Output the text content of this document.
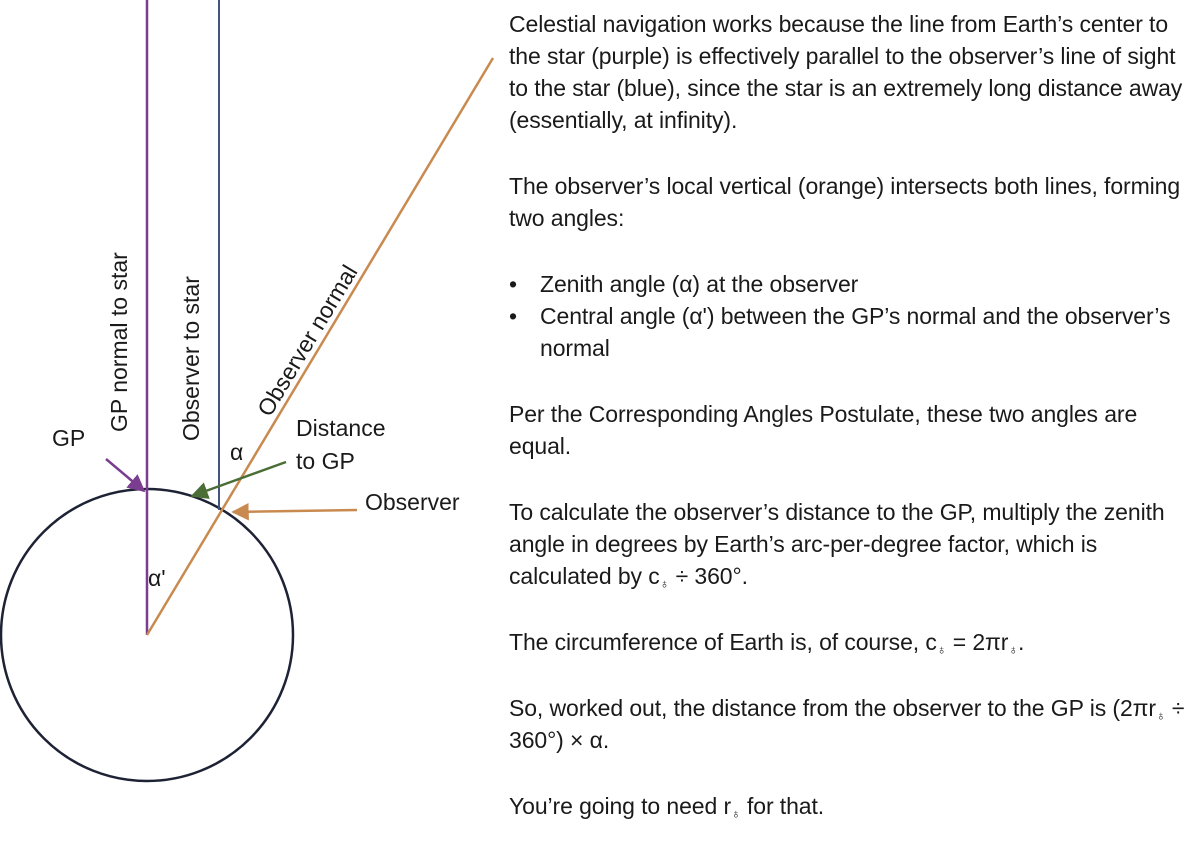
GP
GP normal to star Observer to star Observer normal
α
α'
Distance
to GP
Observer

Celestial navigation works because the line from Earth’s center to the star (purple) is effectively parallel to the observer’s line of sight to the star (blue), since the star is an extremely long distance away (essentially, at infinity).

The observer’s local vertical (orange) intersects both lines, forming two angles:

• Zenith angle (α) at the observer
• Central angle (α') between the GP’s normal and the observer’s normal

Per the Corresponding Angles Postulate, these two angles are equal.

To calculate the observer’s distance to the GP, multiply the zenith angle in degrees by Earth’s arc-per-degree factor, which is calculated by $c_♁ \div 360^\circ$.

The circumference of Earth is, of course, $c_♁ = 2\pi r_♁$.

So, worked out, the distance from the observer to the GP is $(2\pi r_♁ \div 360^\circ) \times \alpha$.

You’re going to need $r_♁$ for that.
